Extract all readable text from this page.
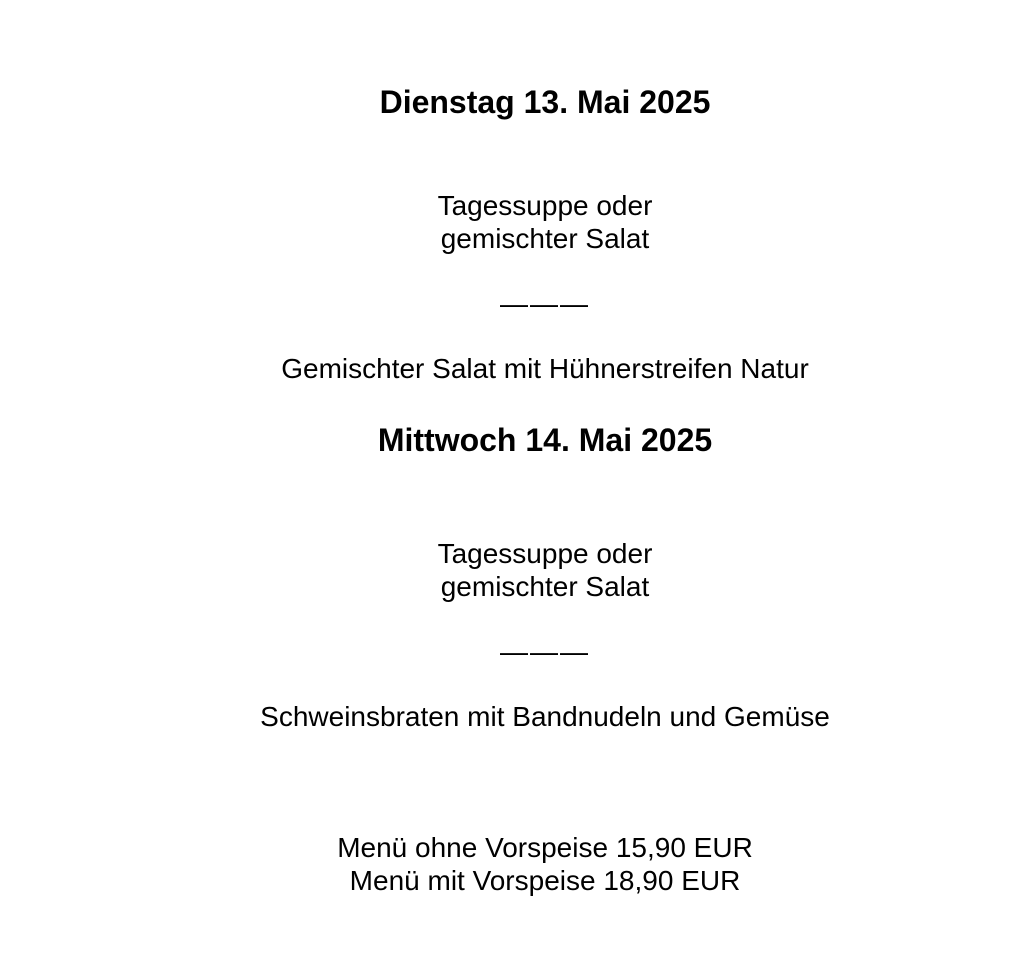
Dienstag 13. Mai 2025
Tagessuppe oder
gemischter Salat
———
Gemischter Salat mit Hühnerstreifen Natur
Mittwoch 14. Mai 2025
Tagessuppe oder
gemischter Salat
———
Schweinsbraten mit Bandnudeln und Gemüse
Menü ohne Vorspeise 15,90 EUR
Menü mit Vorspeise 18,90 EUR
